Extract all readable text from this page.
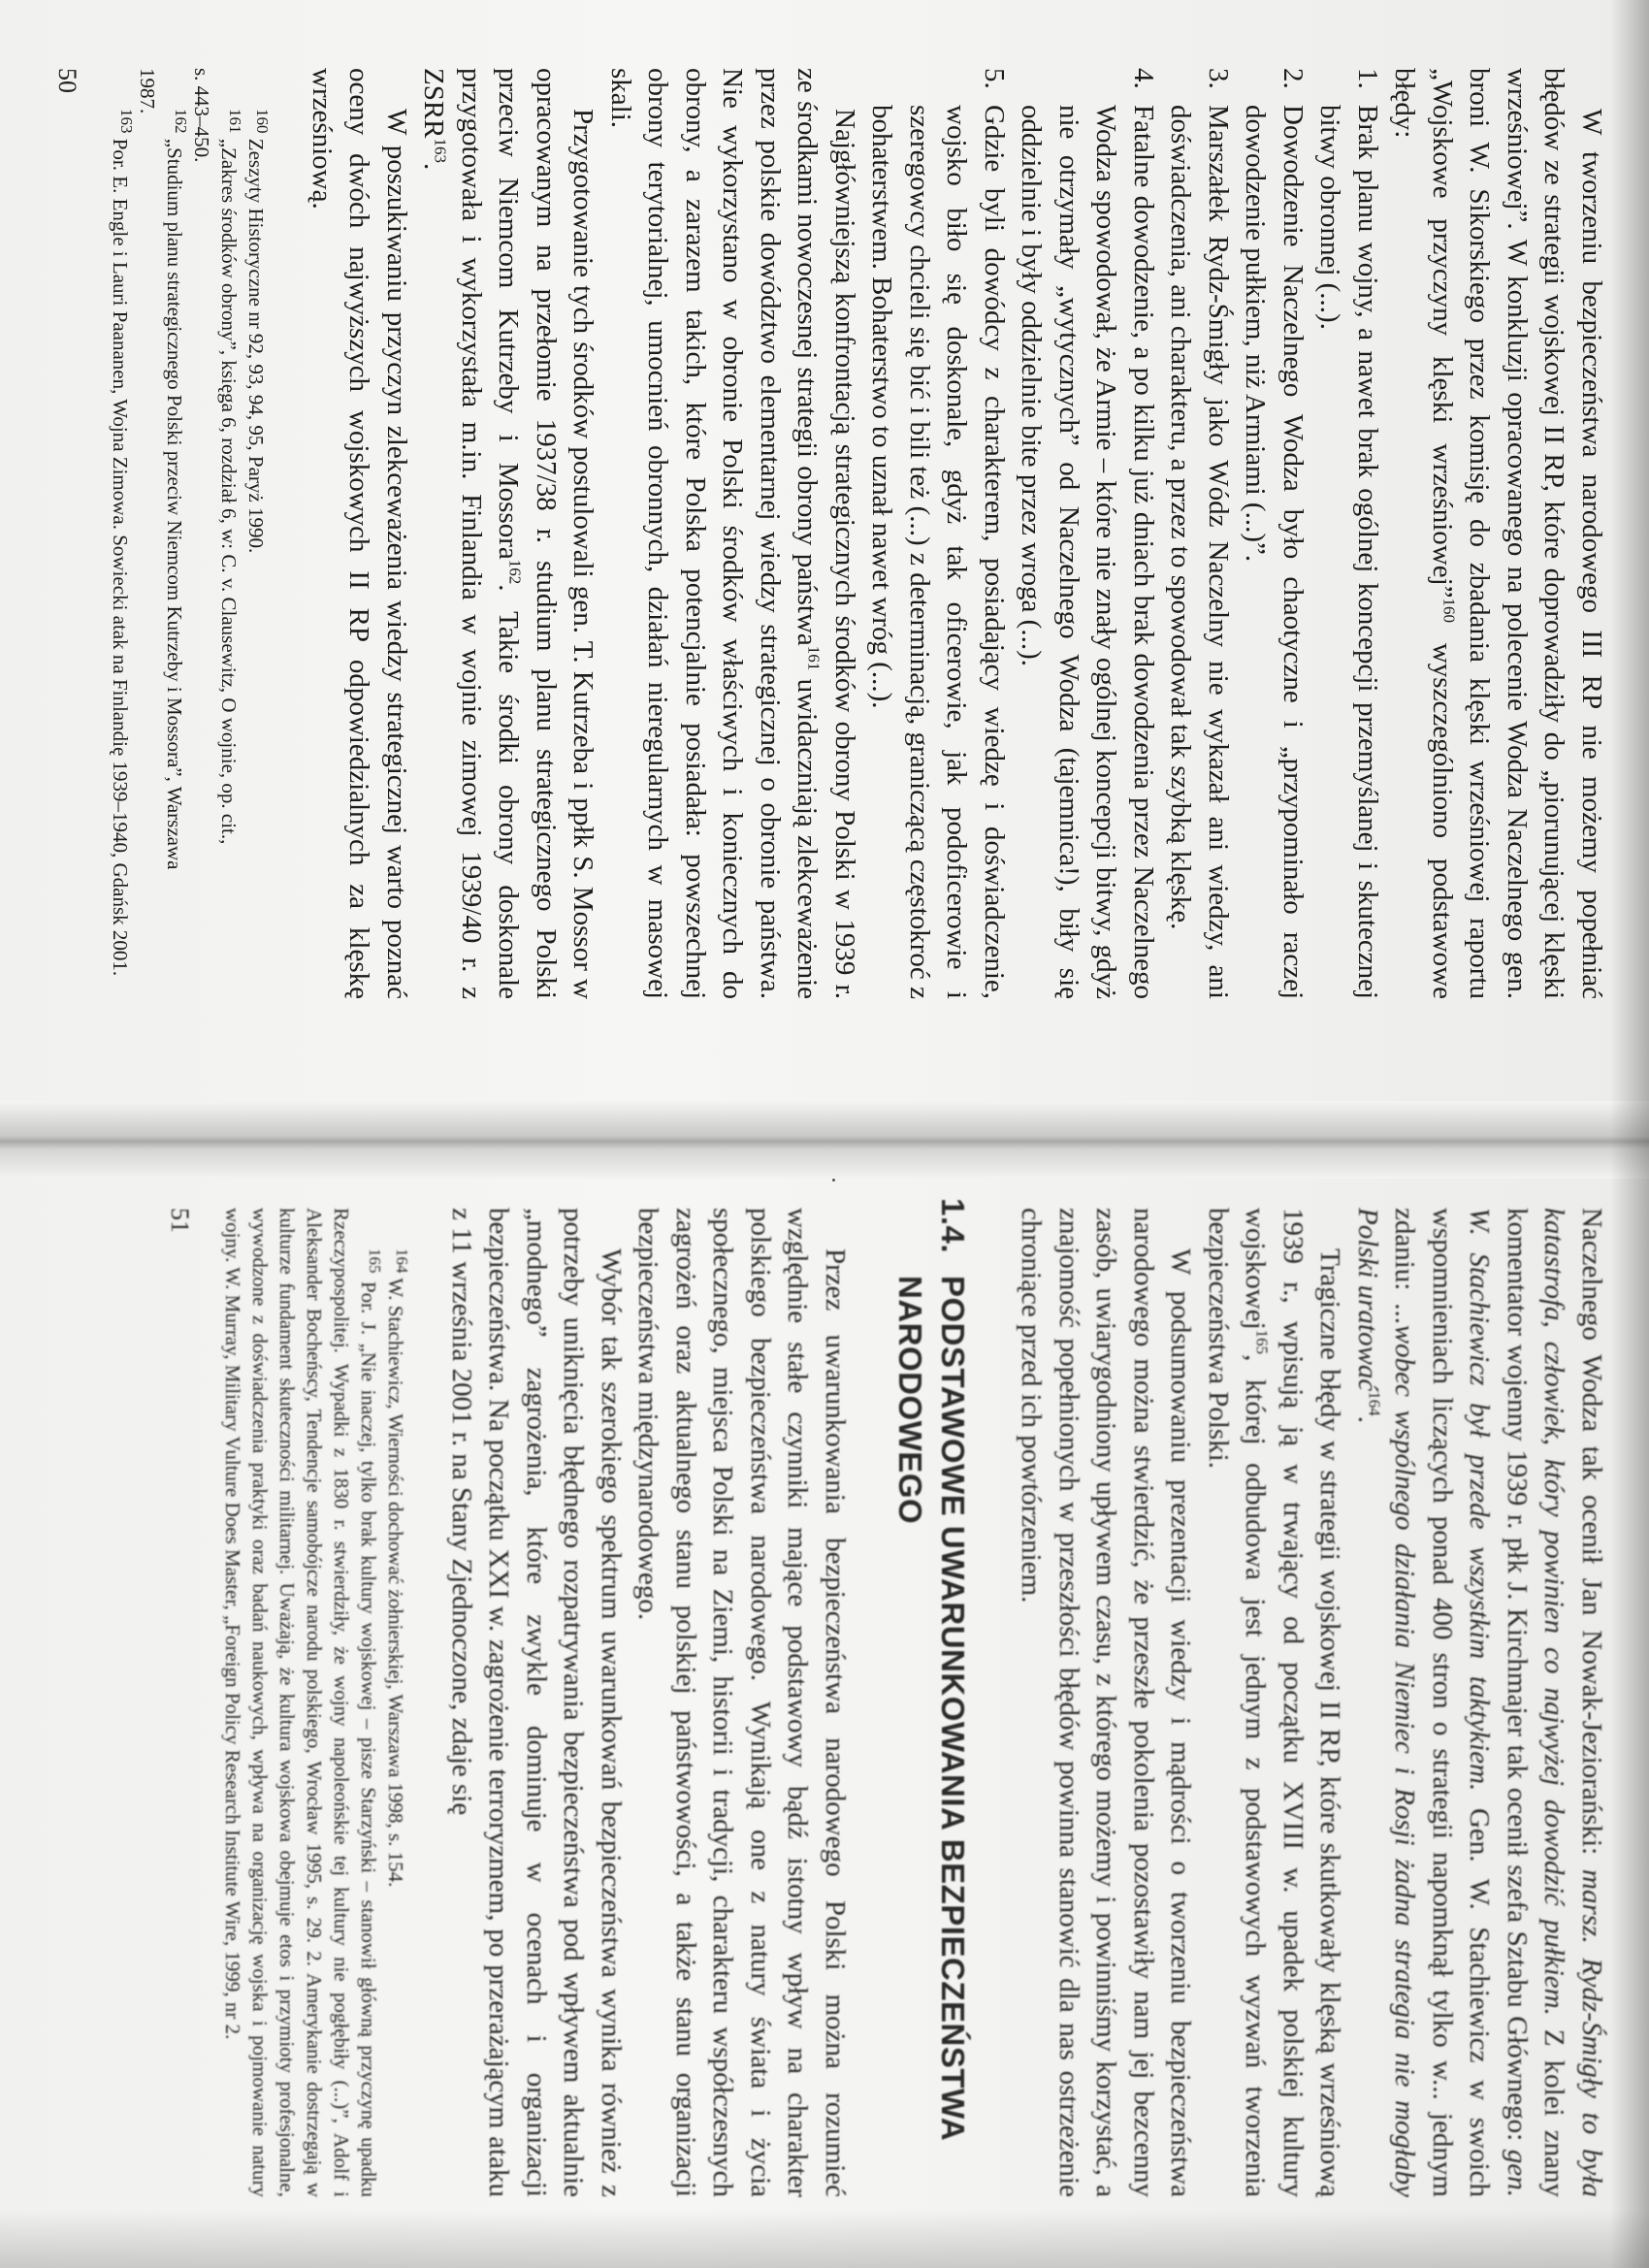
W tworzeniu bezpieczeństwa narodowego III RP nie możemy popełniać błędów ze strategii wojskowej II RP, które doprowadziły do „piorunującej klęski wrześniowej”. W konkluzji opracowanego na polecenie Wodza Naczelnego gen. broni W. Sikorskiego przez komisję do zbadania klęski wrześniowej raportu „Wojskowe przyczyny klęski wrześniowej”$^{160}$ wyszczególniono podstawowe błędy:

1.
Brak planu wojny, a nawet brak ogólnej koncepcji przemyślanej i skutecznej bitwy obronnej (...).
2.
Dowodzenie Naczelnego Wodza było chaotyczne i „przypominało raczej dowodzenie pułkiem, niż Armiami (...)”.
3.
Marszałek Rydz-Śmigły jako Wódz Naczelny nie wykazał ani wiedzy, ani doświadczenia, ani charakteru, a przez to spowodował tak szybką klęskę.
4.
Fatalne dowodzenie, a po kilku już dniach brak dowodzenia przez Naczelnego Wodza spowodował, że Armie – które nie znały ogólnej koncepcji bitwy, gdyż nie otrzymały „wytycznych” od Naczelnego Wodza (tajemnica!), biły się oddzielnie i były oddzielnie bite przez wroga (...).
5.
Gdzie byli dowódcy z charakterem, posiadający wiedzę i doświadczenie, wojsko biło się doskonale, gdyż tak oficerowie, jak podoficerowie i szeregowcy chcieli się bić i bili też (...) z determinacją, graniczącą częstokroć z bohaterstwem. Bohaterstwo to uznał nawet wróg (...).

Najgłówniejszą konfrontacją strategicznych środków obrony Polski w 1939 r. ze środkami nowoczesnej strategii obrony państwa$^{161}$ uwidaczniają zlekceważenie przez polskie dowództwo elementarnej wiedzy strategicznej o obronie państwa. Nie wykorzystano w obronie Polski środków właściwych i koniecznych do obrony, a zarazem takich, które Polska potencjalnie posiadała: powszechnej obrony terytorialnej, umocnień obronnych, działań nieregularnych w masowej skali.

Przygotowanie tych środków postulowali gen. T. Kutrzeba i ppłk S. Mossor w opracowanym na przełomie 1937/38 r. studium planu strategicznego Polski przeciw Niemcom Kutrzeby i Mossora$^{162}$. Takie środki obrony doskonale przygotowała i wykorzystała m.in. Finlandia w wojnie zimowej 1939/40 r. z ZSRR$^{163}$.

W poszukiwaniu przyczyn zlekceważenia wiedzy strategicznej warto poznać oceny dwóch najwyższych wojskowych II RP odpowiedzialnych za klęskę wrześniową.

$^{160}$ Zeszyty Historyczne nr 92, 93, 94, 95, Paryż 1990.

$^{161}$ „Zakres środków obrony”, księga 6, rozdział 6, w: C. v. Clausewitz, O wojnie, op. cit.,
s. 443–450.

$^{162}$ „Studium planu strategicznego Polski przeciw Niemcom Kutrzeby i Mossora”, Warszawa
1987.

$^{163}$ Por. E. Engle i Lauri Paananen, Wojna Zimowa. Sowiecki atak na Finlandię 1939–1940, Gdańsk 2001.

50

Naczelnego Wodza tak ocenił Jan Nowak-Jeziorański: marsz. Rydz-Śmigły to była katastrofa, człowiek, który powinien co najwyżej dowodzić pułkiem. Z kolei znany komentator wojenny 1939 r. płk J. Kirchmajer tak ocenił szefa Sztabu Głównego: gen. W. Stachiewicz był przede wszystkim taktykiem. Gen. W. Stachiewicz w swoich wspomnieniach liczących ponad 400 stron o strategii napomknął tylko w... jednym zdaniu: ...wobec wspólnego działania Niemiec i Rosji żadna strategia nie mogłaby Polski uratować$^{164}$.

Tragiczne błędy w strategii wojskowej II RP, które skutkowały klęską wrześniową 1939 r., wpisują ją w trwający od początku XVIII w. upadek polskiej kultury wojskowej$^{165}$, której odbudowa jest jednym z podstawowych wyzwań tworzenia bezpieczeństwa Polski.

W podsumowaniu prezentacji wiedzy i mądrości o tworzeniu bezpieczeństwa narodowego można stwierdzić, że przeszłe pokolenia pozostawiły nam jej bezcenny zasób, uwiarygodniony upływem czasu, z którego możemy i powinniśmy korzystać, a znajomość popełnionych w przeszłości błędów powinna stanowić dla nas ostrzeżenie chroniące przed ich powtórzeniem.

1.4.PODSTAWOWE UWARUNKOWANIA BEZPIECZEŃSTWA
NARODOWEGO

Przez uwarunkowania bezpieczeństwa narodowego Polski można rozumieć względnie stałe czynniki mające podstawowy bądź istotny wpływ na charakter polskiego bezpieczeństwa narodowego. Wynikają one z natury świata i życia społecznego, miejsca Polski na Ziemi, historii i tradycji, charakteru współczesnych zagrożeń oraz aktualnego stanu polskiej państwowości, a także stanu organizacji bezpieczeństwa międzynarodowego.

Wybór tak szerokiego spektrum uwarunkowań bezpieczeństwa wynika również z potrzeby uniknięcia błędnego rozpatrywania bezpieczeństwa pod wpływem aktualnie „modnego” zagrożenia, które zwykle dominuje w ocenach i organizacji bezpieczeństwa. Na początku XXI w. zagrożenie terroryzmem, po przerażającym ataku z 11 września 2001 r. na Stany Zjednoczone, zdaje się

$^{164}$ W. Stachiewicz, Wierności dochować żołnierskiej, Warszawa 1998, s. 154.

$^{165}$ Por. J. „Nie inaczej, tylko brak kultury wojskowej – pisze Starzyński – stanowił główną przyczynę upadku Rzeczypospolitej. Wypadki z 1830 r. stwierdziły, że wojny napoleońskie tej kultury nie pogłębiły (...)”, Adolf i Aleksander Bocheńscy, Tendencje samobójcze narodu polskiego, Wrocław 1995, s. 29. 2. Amerykanie dostrzegają w kulturze fundament skuteczności militarnej. Uważają, że kultura wojskowa obejmuje etos i przymioty profesjonalne, wywodzone z doświadczenia praktyki oraz badań naukowych, wpływa na organizację wojska i pojmowanie natury wojny. W. Murray, Military Vulture Does Master, „Foreign Policy Research Institute Wire, 1999, nr 2.

51
